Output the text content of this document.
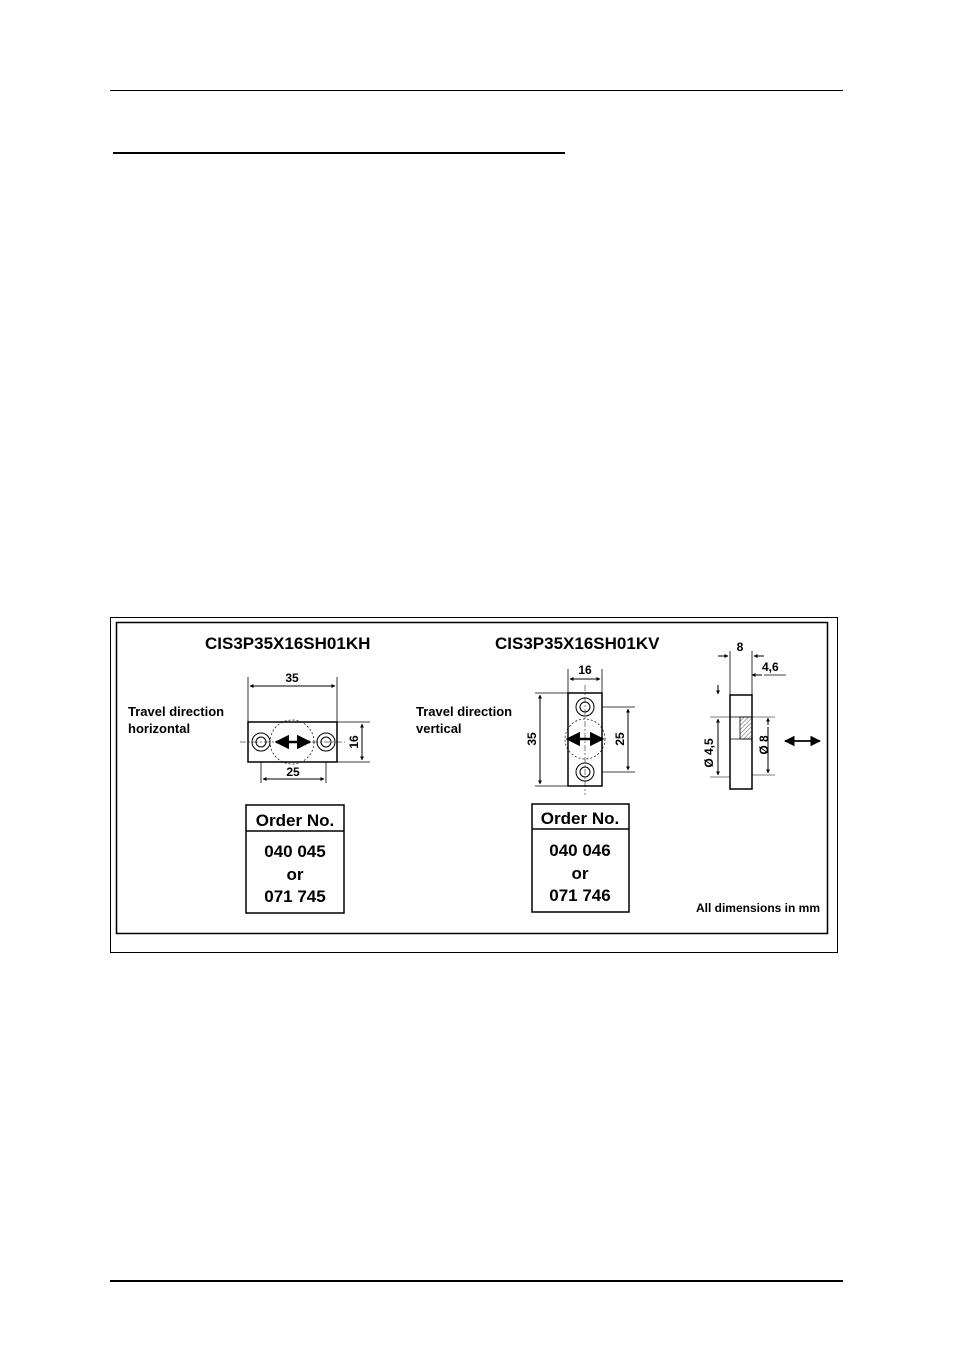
CIS3P35X16SH01KH	CIS3P35X16SH01KV
Travel direction
horizontal
35
16
25
Order No.
040 045
or
071 745
Travel direction
vertical
16
35	25
Order No.
040 046
or
071 746
8
4,6
Ø 4,5	Ø 8
All dimensions in mm
